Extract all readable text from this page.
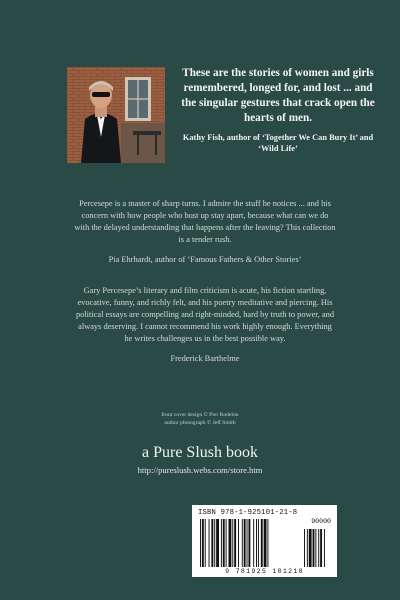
These are the stories of women and girls remembered, longed for, and lost ... and the singular gestures that crack open the hearts of men.
Kathy Fish, author of ‘Together We Can Bury It’ and ‘Wild Life’

Percesepe is a master of sharp turns. I admire the stuff he notices ... and his concern with how people who bust up stay apart, because what can we do with the delayed understanding that happens after the leaving? This collection is a tender rush.

Pia Ehrhardt, author of ‘Famous Fathers & Other Stories’

Gary Percesepe’s literary and film criticism is acute, his fiction startling, evocative, funny, and richly felt, and his poetry meditative and piercing. His political essays are compelling and right-minded, hard by truth to power, and always deserving. I cannot recommend his work highly enough. Everything he writes challenges us in the best possible way.

Frederick Barthelme

front cover design © Pier Rodelon
author photograph © Jeff Smith
a Pure Slush book
http://pureslush.webs.com/store.htm
ISBN 978-1-925101-21-8
90000
9 781925 101218
